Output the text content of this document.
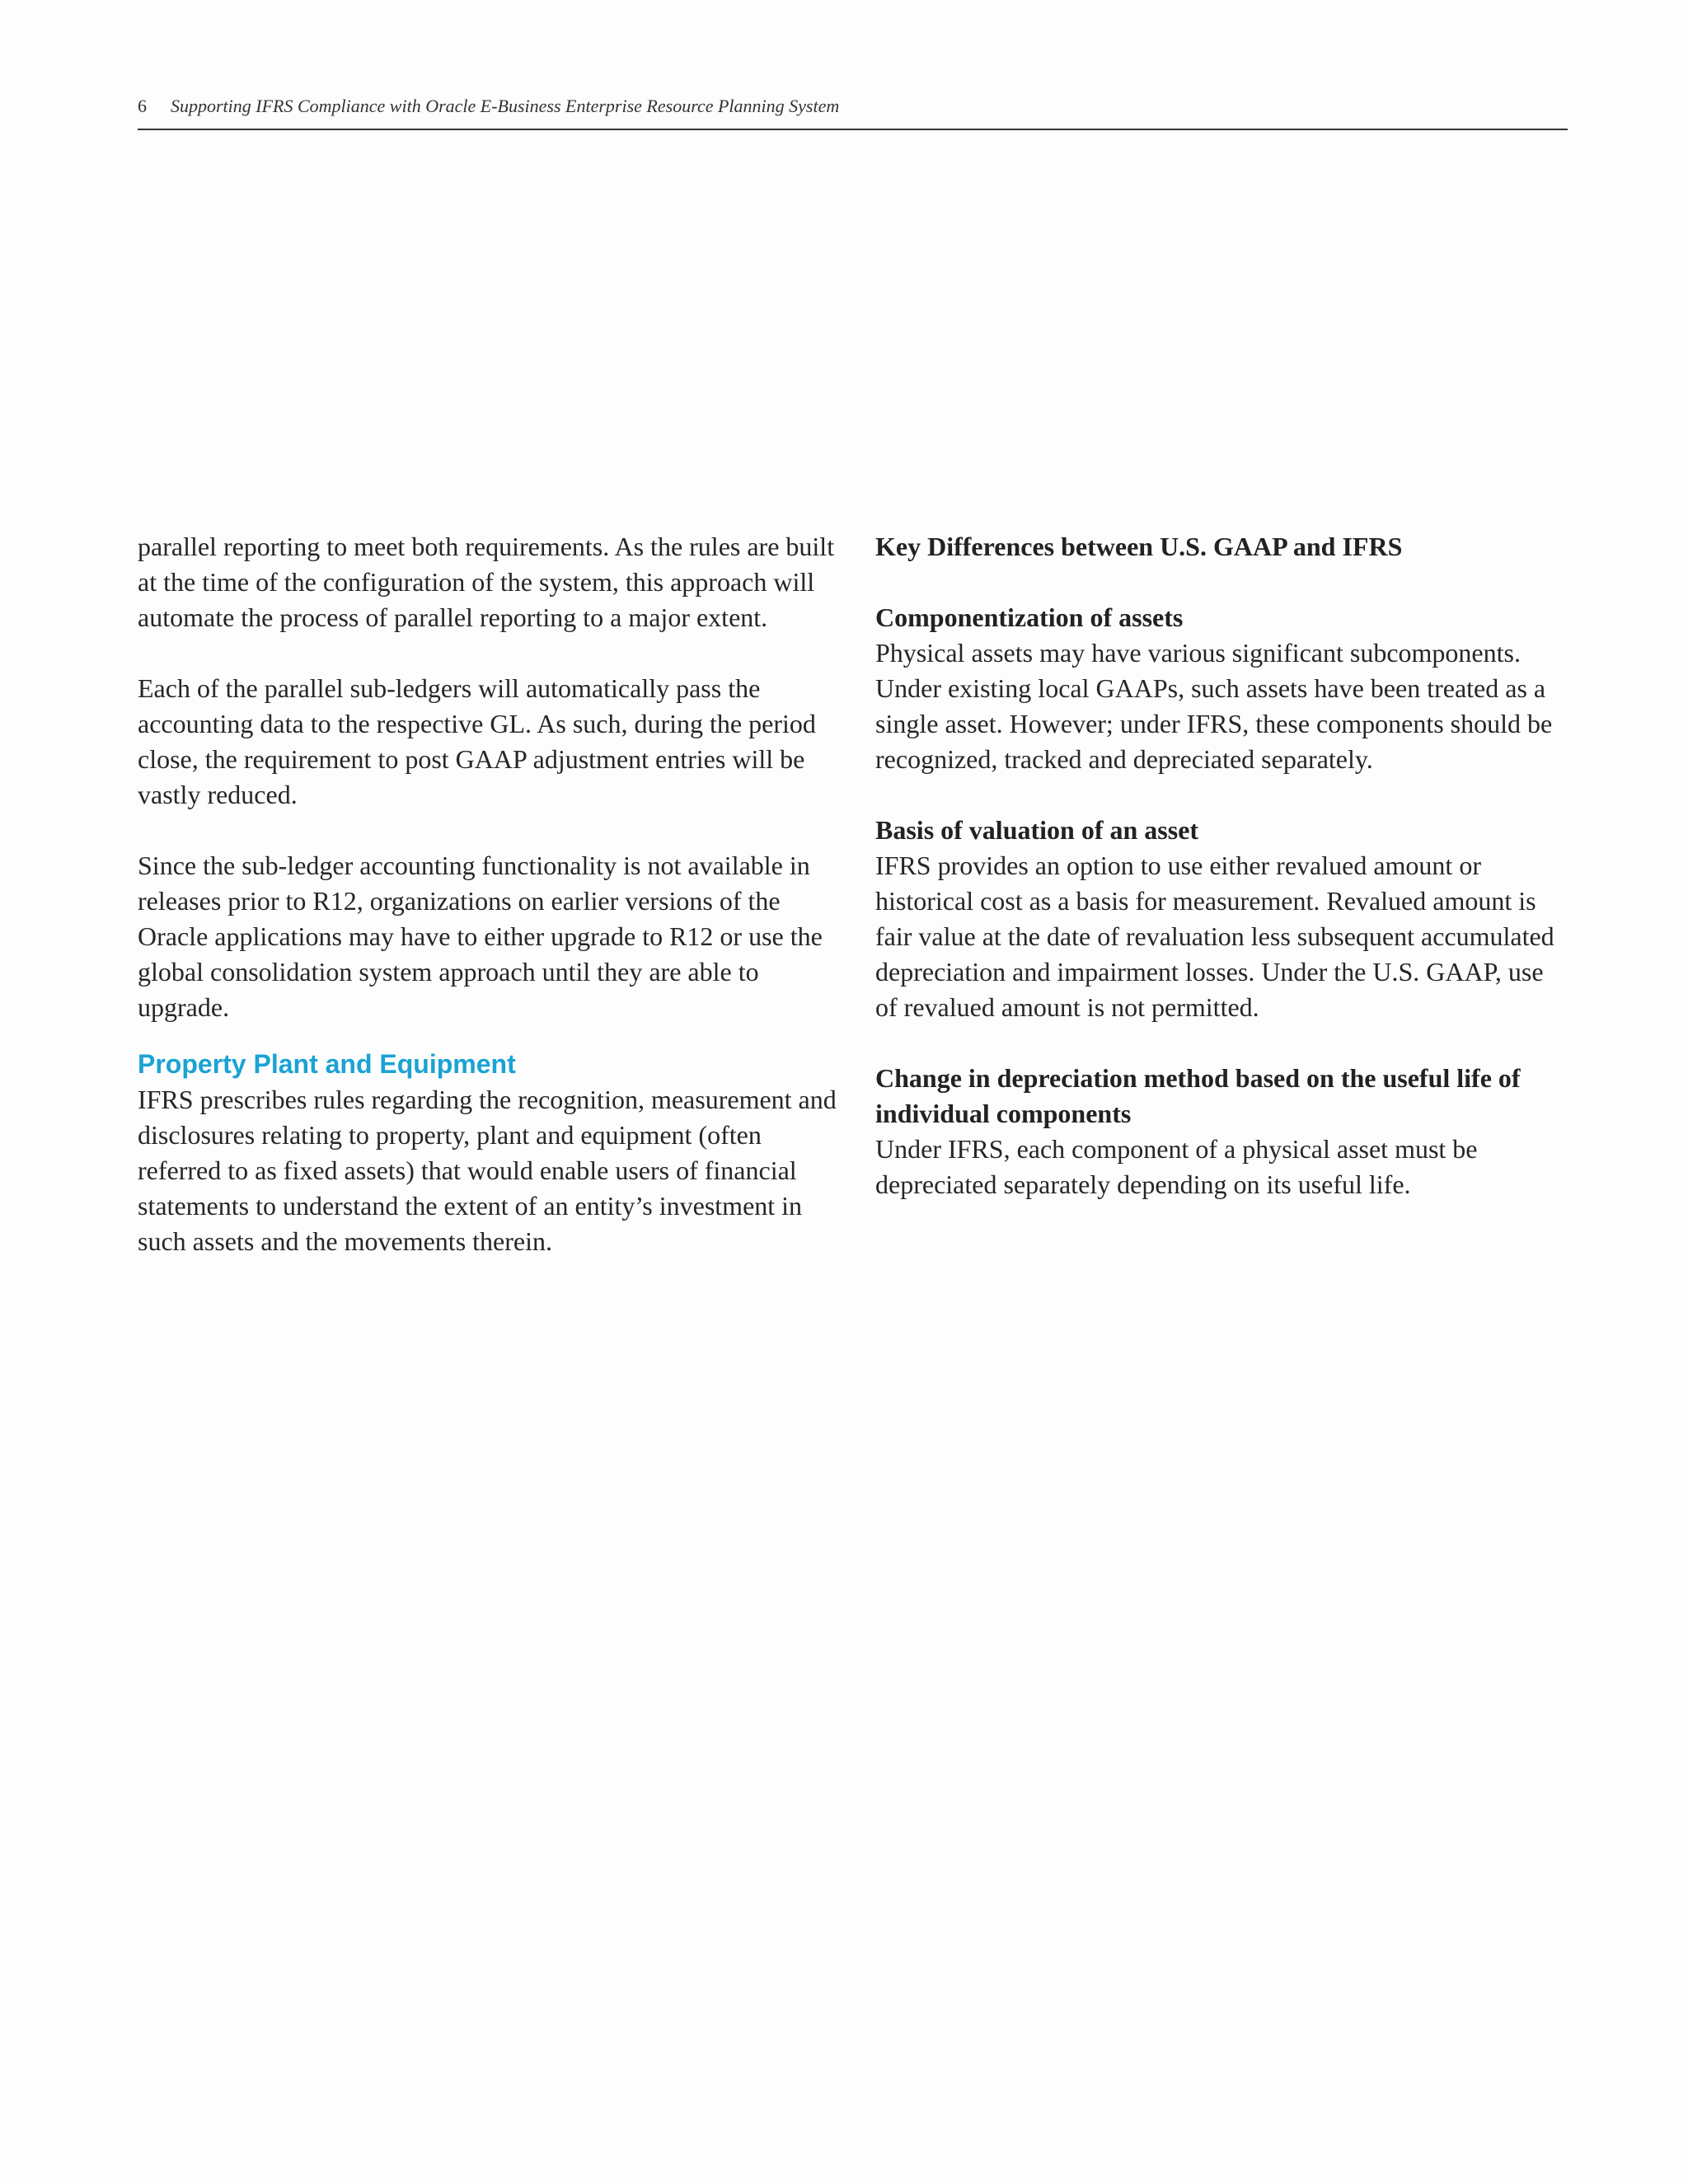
6 Supporting IFRS Compliance with Oracle E-Business Enterprise Resource Planning System

parallel reporting to meet both requirements. As the rules are built at the time of the configuration of the system, this approach will automate the process of parallel reporting to a major extent.

Each of the parallel sub-ledgers will automatically pass the accounting data to the respective GL. As such, during the period close, the requirement to post GAAP adjustment entries will be vastly reduced.

Since the sub-ledger accounting functionality is not available in releases prior to R12, organizations on earlier versions of the Oracle applications may have to either upgrade to R12 or use the global consolidation system approach until they are able to upgrade.

Property Plant and Equipment

IFRS prescribes rules regarding the recognition, measurement and disclosures relating to property, plant and equipment (often referred to as fixed assets) that would enable users of financial statements to understand the extent of an entity’s investment in such assets and the movements therein.

Key Differences between U.S. GAAP and IFRS
Componentization of assets

Physical assets may have various significant subcomponents. Under existing local GAAPs, such assets have been treated as a single asset. However; under IFRS, these components should be recognized, tracked and depreciated separately.

Basis of valuation of an asset

IFRS provides an option to use either revalued amount or historical cost as a basis for measurement. Revalued amount is fair value at the date of revaluation less subsequent accumulated depreciation and impairment losses. Under the U.S. GAAP, use of revalued amount is not permitted.

Change in depreciation method based on the useful life of individual components

Under IFRS, each component of a physical asset must be depreciated separately depending on its useful life.
